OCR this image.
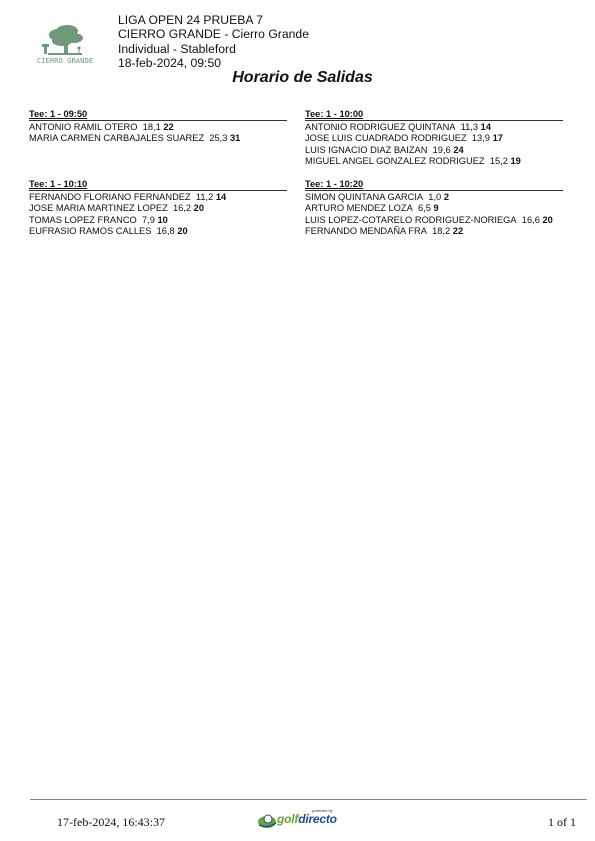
CIERRO GRANDE
LIGA OPEN 24 PRUEBA 7
CIERRO GRANDE - Cierro Grande
Individual - Stableford
18-feb-2024, 09:50
Horario de Salidas
Tee: 1 - 09:50
ANTONIO RAMIL OTERO 18,1 22
MARIA CARMEN CARBAJALES SUAREZ 25,3 31
Tee: 1 - 10:00
ANTONIO RODRIGUEZ QUINTANA 11,3 14
JOSE LUIS CUADRADO RODRIGUEZ 13,9 17
LUIS IGNACIO DIAZ BAIZAN 19,6 24
MIGUEL ANGEL GONZALEZ RODRIGUEZ 15,2 19
Tee: 1 - 10:10
FERNANDO FLORIANO FERNANDEZ 11,2 14
JOSE MARIA MARTINEZ LOPEZ 16,2 20
TOMAS LOPEZ FRANCO 7,9 10
EUFRASIO RAMOS CALLES 16,8 20
Tee: 1 - 10:20
SIMON QUINTANA GARCIA 1,0 2
ARTURO MENDEZ LOZA 6,5 9
LUIS LOPEZ-COTARELO RODRIGUEZ-NORIEGA 16,6 20
FERNANDO MENDAÑA FRA 18,2 22
17-feb-2024, 16:43:37
powered by
golfdirecto	1 of 1
